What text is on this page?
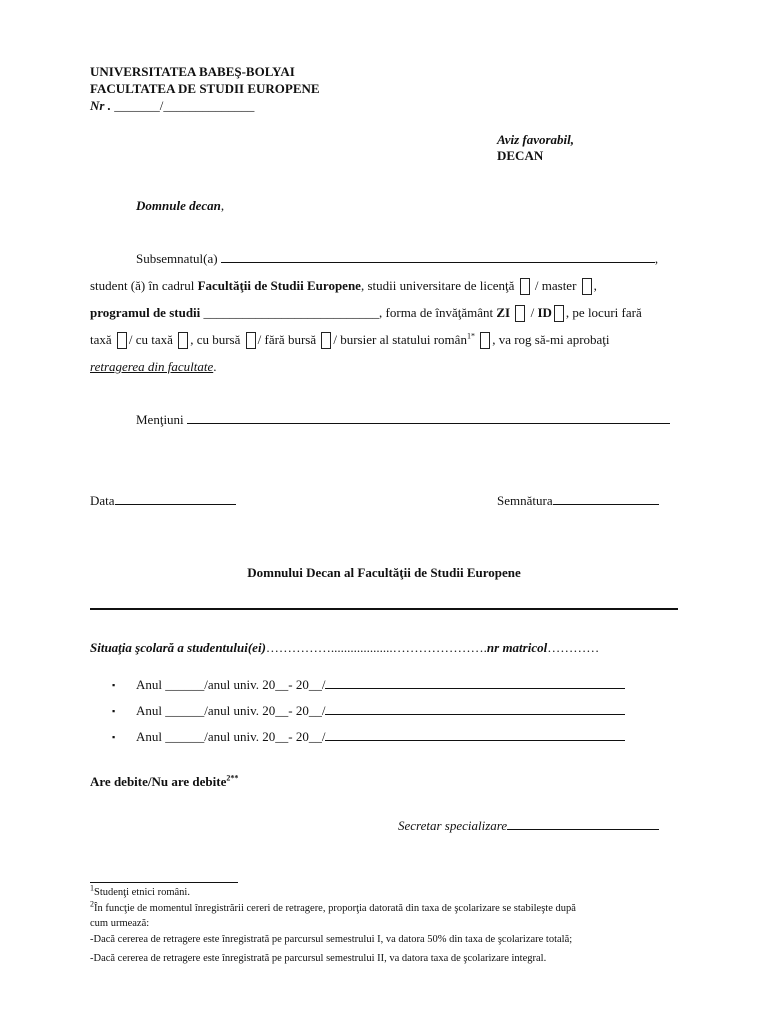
UNIVERSITATEA BABEŞ-BOLYAI
FACULTATEA DE STUDII EUROPENE
Nr . _______/______________
Aviz favorabil,
DECAN
Domnule decan,
Subsemnatul(a)	,
student (ă) în cadrul Facultăţii de Studii Europene, studii universitare de licenţă / master ,
programul de studii ___________________________, forma de învăţământ ZI / ID , pe locuri fară
taxă / cu taxă , cu bursă / fără bursă / bursier al statului român$^{1*}$ , va rog să-mi aprobaţi
retragerea din facultate.
Menţiuni
Data	Semnătura
Domnului Decan al Facultăţii de Studii Europene
Situaţia şcolară a studentului(ei)……………...................………………….nr matricol…………
▪ Anul ______/anul univ. 20__- 20__/
▪ Anul ______/anul univ. 20__- 20__/
▪ Anul ______/anul univ. 20__- 20__/
Are debite/Nu are debite$^{2**}$
Secretar specializare
$^1$Studenţi etnici români.
$^2$În funcţie de momentul înregistrării cereri de retragere, proporţia datorată din taxa de şcolarizare se stabileşte după
cum urmează:
-Dacă cererea de retragere este înregistrată pe parcursul semestrului I, va datora 50% din taxa de şcolarizare totală;
-Dacă cererea de retragere este înregistrată pe parcursul semestrului II, va datora taxa de şcolarizare integral.
